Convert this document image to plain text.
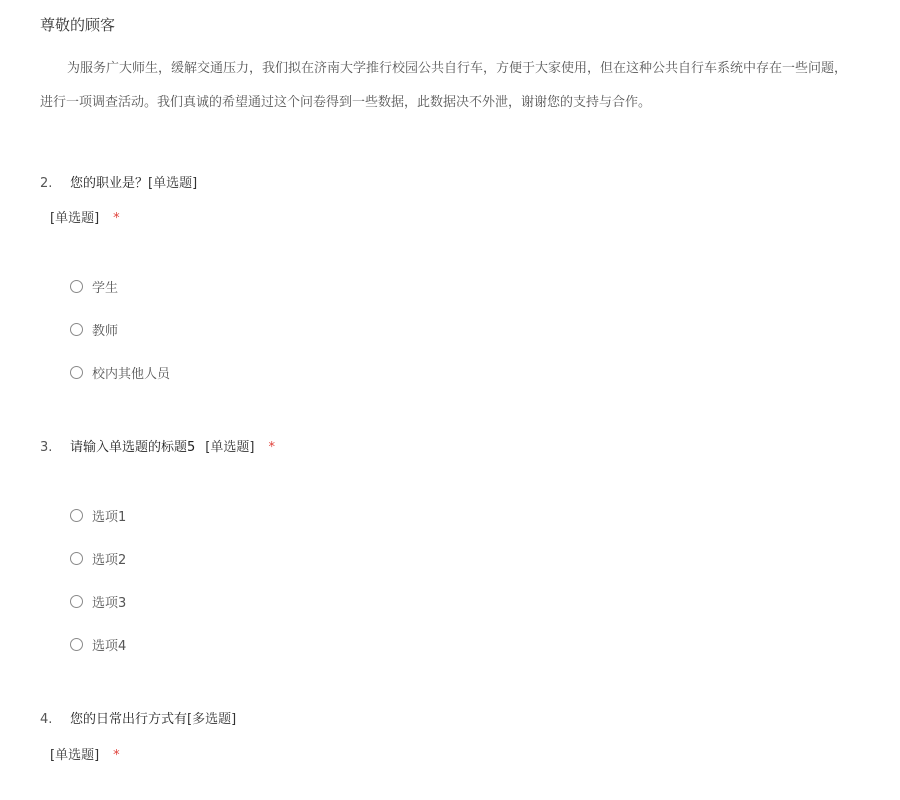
尊敬的顾客
为服务广大师生，缓解交通压力，我们拟在济南大学推行校园公共自行车，方便于大家使用，但在这种公共自行车系统中存在一些问题，
进行一项调查活动。我们真诚的希望通过这个问卷得到一些数据，此数据决不外泄，谢谢您的支持与合作。
2. 您的职业是？[单选题]
[单选题] *
学生
教师
校内其他人员
3. 请输入单选题的标题5 [单选题] *
选项1
选项2
选项3
选项4
4. 您的日常出行方式有[多选题]
[单选题] *
